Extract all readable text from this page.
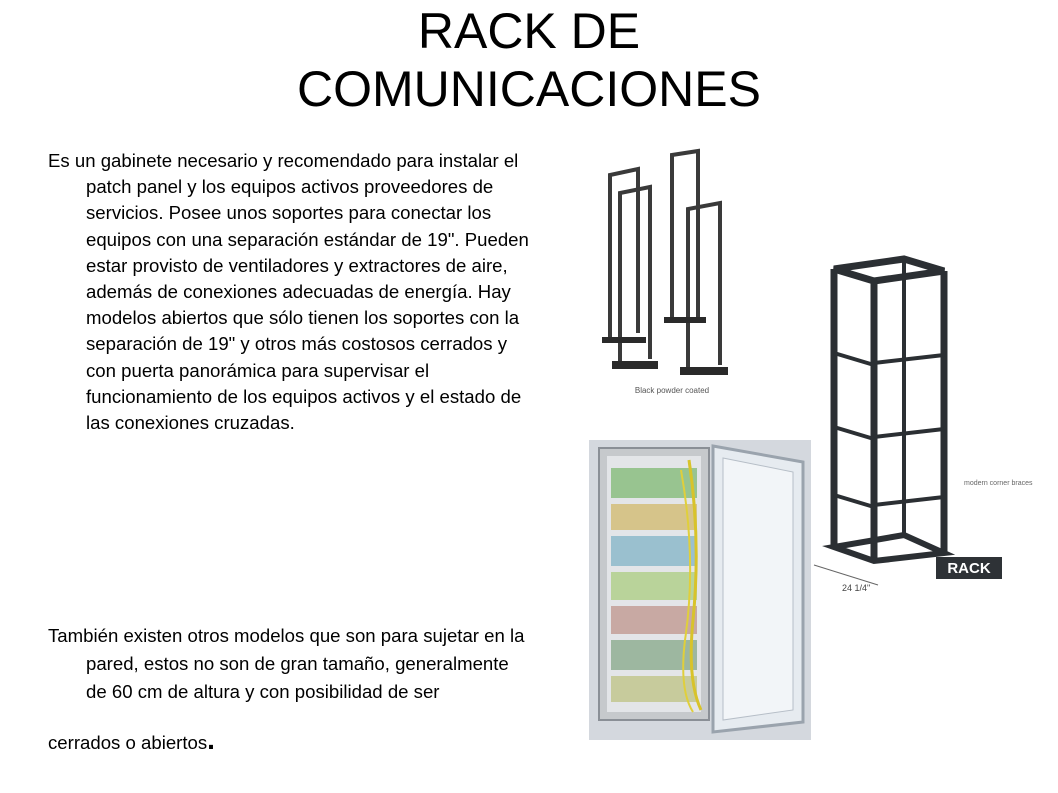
RACK DE
COMUNICACIONES

Es un gabinete necesario y recomendado para instalar el patch panel y los equipos activos proveedores de servicios. Posee unos soportes para conectar los equipos con una separación estándar de 19". Pueden estar provisto de ventiladores y extractores de aire, además de conexiones adecuadas de energía. Hay modelos abiertos que sólo tienen los soportes con la separación de 19" y otros más costosos cerrados y con puerta panorámica para supervisar el funcionamiento de los equipos activos y el estado de las conexiones cruzadas.

También existen otros modelos que son para sujetar en la pared, estos no son de gran tamaño, generalmente de 60 cm de altura y con posibilidad de ser
cerrados o abiertos.

Black powder coated
24 1/4"
modern corner braces
RACK
